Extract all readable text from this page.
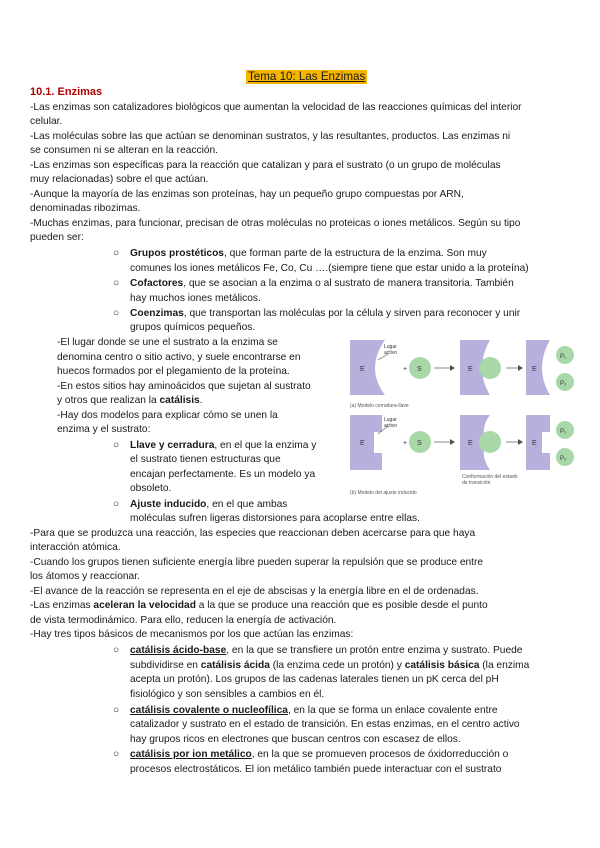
Tema 10: Las Enzimas
10.1. Enzimas
-Las enzimas son catalizadores biológicos que aumentan la velocidad de las reacciones químicas del interior
celular.
-Las moléculas sobre las que actúan se denominan sustratos, y las resultantes, productos. Las enzimas ni
se consumen ni se alteran en la reacción.
-Las enzimas son específicas para la reacción que catalizan y para el sustrato (o un grupo de moléculas
muy relacionadas) sobre el que actúan.
-Aunque la mayoría de las enzimas son proteínas, hay un pequeño grupo compuestas por ARN,
denominadas ribozimas.
-Muchas enzimas, para funcionar, precisan de otras moléculas no proteicas o iones metálicos. Según su tipo
pueden ser:
○ Grupos prostéticos, que forman parte de la estructura de la enzima. Son muy
comunes los iones metálicos Fe, Co, Cu ….(siempre tiene que estar unido a la proteína)
○ Cofactores, que se asocian a la enzima o al sustrato de manera transitoria. También
hay muchos iones metálicos.
○ Coenzimas, que transportan las moléculas por la célula y sirven para reconocer y unir
grupos químicos pequeños.
-El lugar donde se une el sustrato a la enzima se
denomina centro o sitio activo, y suele encontrarse en
huecos formados por el plegamiento de la proteína.
-En estos sitios hay aminoácidos que sujetan al sustrato
y otros que realizan la catálisis.
-Hay dos modelos para explicar cómo se unen la
enzima y el sustrato:
○ Llave y cerradura, en el que la enzima y
el sustrato tienen estructuras que
encajan perfectamente. Es un modelo ya
obsoleto.
○ Ajuste inducido, en el que ambas
moléculas sufren ligeras distorsiones para acoplarse entre ellas.
E
Lugar
activo
+ S	E	E
P₁
P₂
(a) Modelo cerradura-llave
E
Lugar
activo
+ S	E
Conformación del estado
de transición
E
P₁
P₂
(b) Modelo del ajuste inducido
-Para que se produzca una reacción, las especies que reaccionan deben acercarse para que haya
interacción atómica.
-Cuando los grupos tienen suficiente energía libre pueden superar la repulsión que se produce entre
los átomos y reaccionar.
-El avance de la reacción se representa en el eje de abscisas y la energía libre en el de ordenadas.
-Las enzimas aceleran la velocidad a la que se produce una reacción que es posible desde el punto
de vista termodinámico. Para ello, reducen la energía de activación.
-Hay tres tipos básicos de mecanismos por los que actúan las enzimas:
○ catálisis ácido-base, en la que se transfiere un protón entre enzima y sustrato. Puede
subdividirse en catálisis ácida (la enzima cede un protón) y catálisis básica (la enzima
acepta un protón). Los grupos de las cadenas laterales tienen un pK cerca del pH
fisiológico y son sensibles a cambios en él.
○ catálisis covalente o nucleofílica, en la que se forma un enlace covalente entre
catalizador y sustrato en el estado de transición. En estas enzimas, en el centro activo
hay grupos ricos en electrones que buscan centros con escasez de ellos.
○ catálisis por ion metálico, en la que se promueven procesos de óxidorreducción o
procesos electrostáticos. El ion metálico también puede interactuar con el sustrato
